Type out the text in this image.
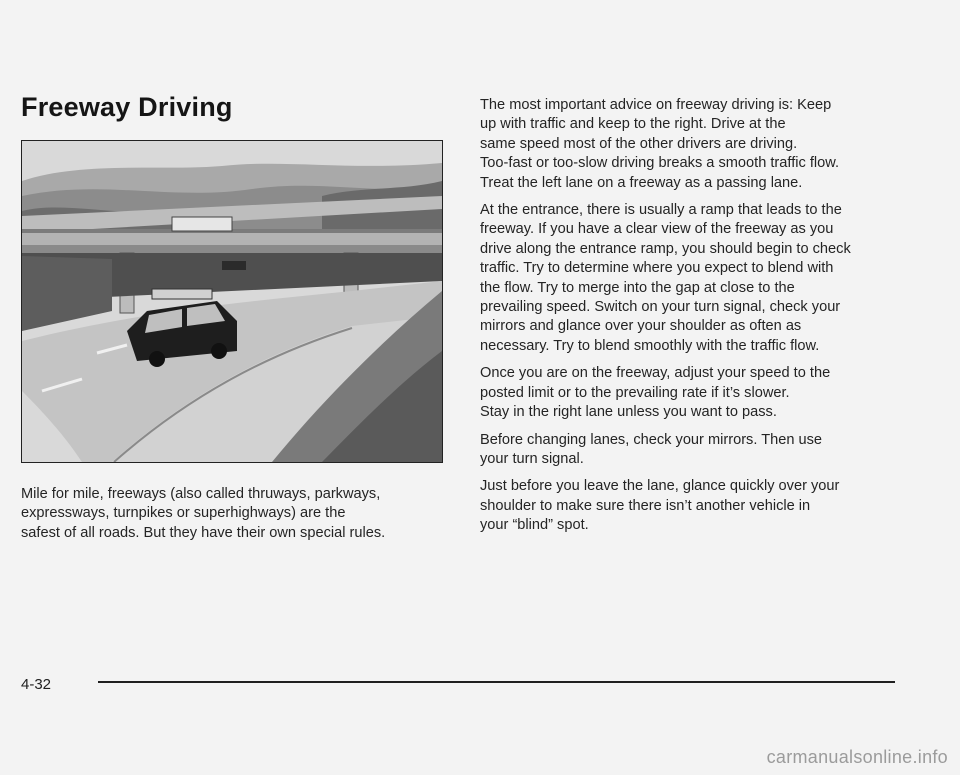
Freeway Driving

Mile for mile, freeways (also called thruways, parkways,
expressways, turnpikes or superhighways) are the
safest of all roads. But they have their own special rules.

The most important advice on freeway driving is: Keep
up with traffic and keep to the right. Drive at the
same speed most of the other drivers are driving.
Too-fast or too-slow driving breaks a smooth traffic flow.
Treat the left lane on a freeway as a passing lane.

At the entrance, there is usually a ramp that leads to the
freeway. If you have a clear view of the freeway as you
drive along the entrance ramp, you should begin to check
traffic. Try to determine where you expect to blend with
the flow. Try to merge into the gap at close to the
prevailing speed. Switch on your turn signal, check your
mirrors and glance over your shoulder as often as
necessary. Try to blend smoothly with the traffic flow.

Once you are on the freeway, adjust your speed to the
posted limit or to the prevailing rate if it’s slower.
Stay in the right lane unless you want to pass.

Before changing lanes, check your mirrors. Then use
your turn signal.

Just before you leave the lane, glance quickly over your
shoulder to make sure there isn’t another vehicle in
your “blind” spot.

4-32
carmanualsonline.info
